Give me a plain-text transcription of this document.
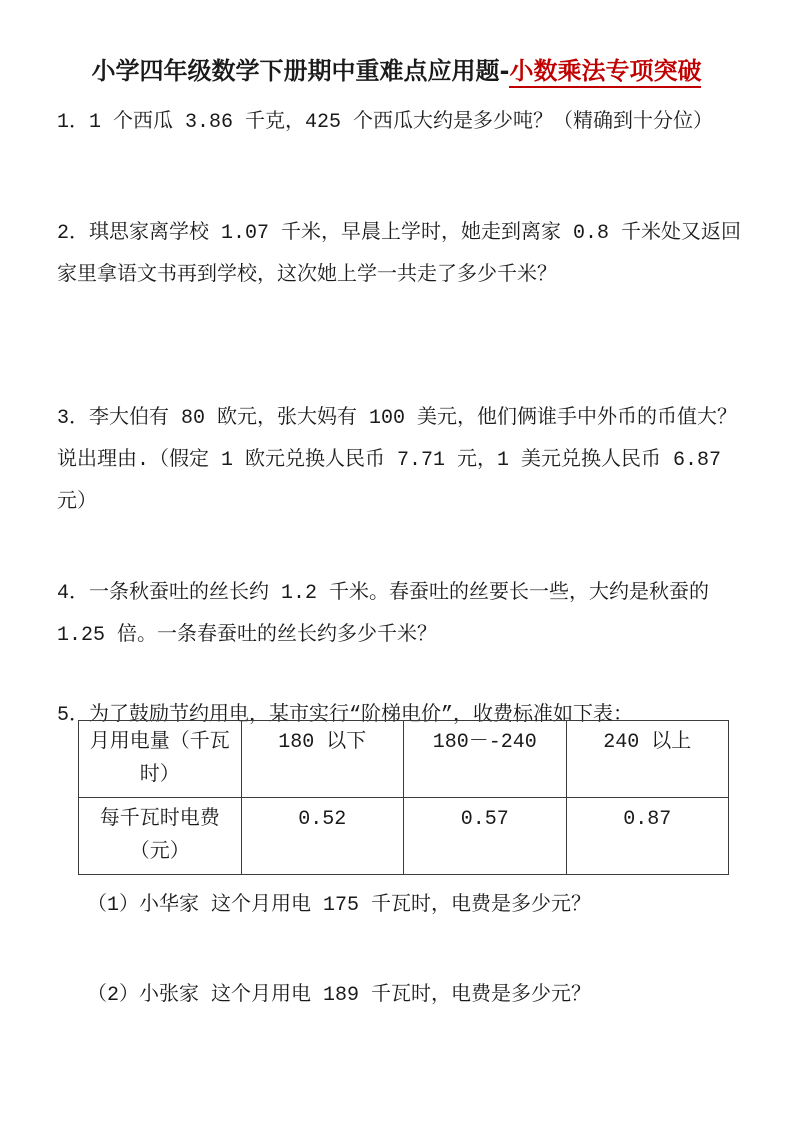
小学四年级数学下册期中重难点应用题-小数乘法专项突破

1．1 个西瓜 3.86 千克，425 个西瓜大约是多少吨？（精确到十分位）

2．琪思家离学校 1.07 千米，早晨上学时，她走到离家 0.8 千米处又返回家里拿语文书再到学校，这次她上学一共走了多少千米？

3．李大伯有 80 欧元，张大妈有 100 美元，他们俩谁手中外币的币值大？说出理由.（假定 1 欧元兑换人民币 7.71 元，1 美元兑换人民币 6.87 元）

4．一条秋蚕吐的丝长约 1.2 千米。春蚕吐的丝要长一些，大约是秋蚕的 1.25 倍。一条春蚕吐的丝长约多少千米？

5．为了鼓励节约用电，某市实行“阶梯电价”，收费标准如下表：

月用电量（千瓦时）	180 以下	180－-240	240 以上
每千瓦时电费（元）	0.52	0.57	0.87

（1）小华家 这个月用电 175 千瓦时，电费是多少元？

（2）小张家 这个月用电 189 千瓦时，电费是多少元？
